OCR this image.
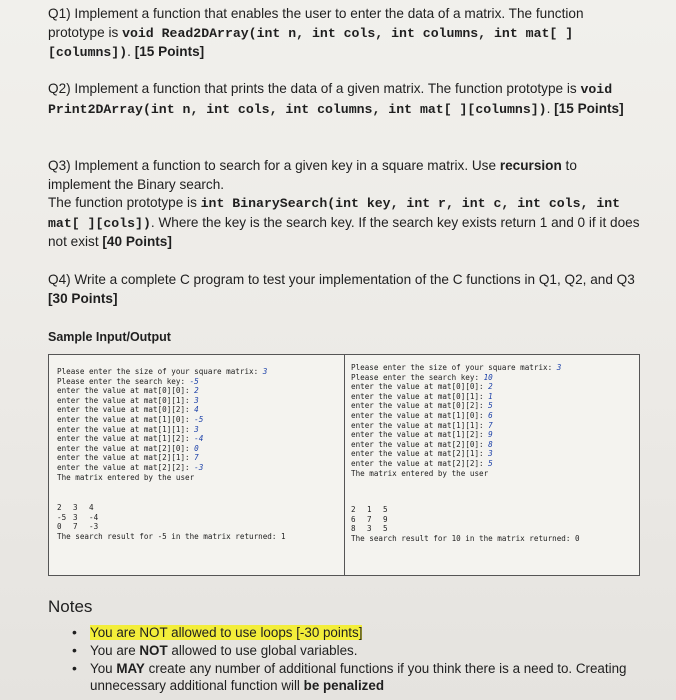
Q1) Implement a function that enables the user to enter the data of a matrix. The function prototype is void Read2DArray(int n, int cols, int columns, int mat[ ][columns]). [15 Points]

Q2) Implement a function that prints the data of a given matrix. The function prototype is void Print2DArray(int n, int cols, int columns, int mat[ ][columns]). [15 Points]

Q3) Implement a function to search for a given key in a square matrix. Use recursion to implement the Binary search.
The function prototype is int BinarySearch(int key, int r, int c, int cols, int mat[ ][cols]). Where the key is the search key. If the search key exists return 1 and 0 if it does not exist [40 Points]

Q4) Write a complete C program to test your implementation of the C functions in Q1, Q2, and Q3 [30 Points]

Sample Input/Output
Please enter the size of your square matrix: 3
Please enter the search key: -5
enter the value at mat[0][0]: 2
enter the value at mat[0][1]: 3
enter the value at mat[0][2]: 4
enter the value at mat[1][0]: -5
enter the value at mat[1][1]: 3
enter the value at mat[1][2]: -4
enter the value at mat[2][0]: 0
enter the value at mat[2][1]: 7
enter the value at mat[2][2]: -3
The matrix entered by the user
2 3 4
-5 3 -4
0 7 -3
The search result for -5 in the matrix returned: 1
Please enter the size of your square matrix: 3
Please enter the search key: 10
enter the value at mat[0][0]: 2
enter the value at mat[0][1]: 1
enter the value at mat[0][2]: 5
enter the value at mat[1][0]: 6
enter the value at mat[1][1]: 7
enter the value at mat[1][2]: 9
enter the value at mat[2][0]: 8
enter the value at mat[2][1]: 3
enter the value at mat[2][2]: 5
The matrix entered by the user
2 1 5
6 7 9
8 3 5
The search result for 10 in the matrix returned: 0
Notes
• You are NOT allowed to use loops [-30 points]
• You are NOT allowed to use global variables.
• You MAY create any number of additional functions if you think there is a need to. Creating unnecessary additional function will be penalized
